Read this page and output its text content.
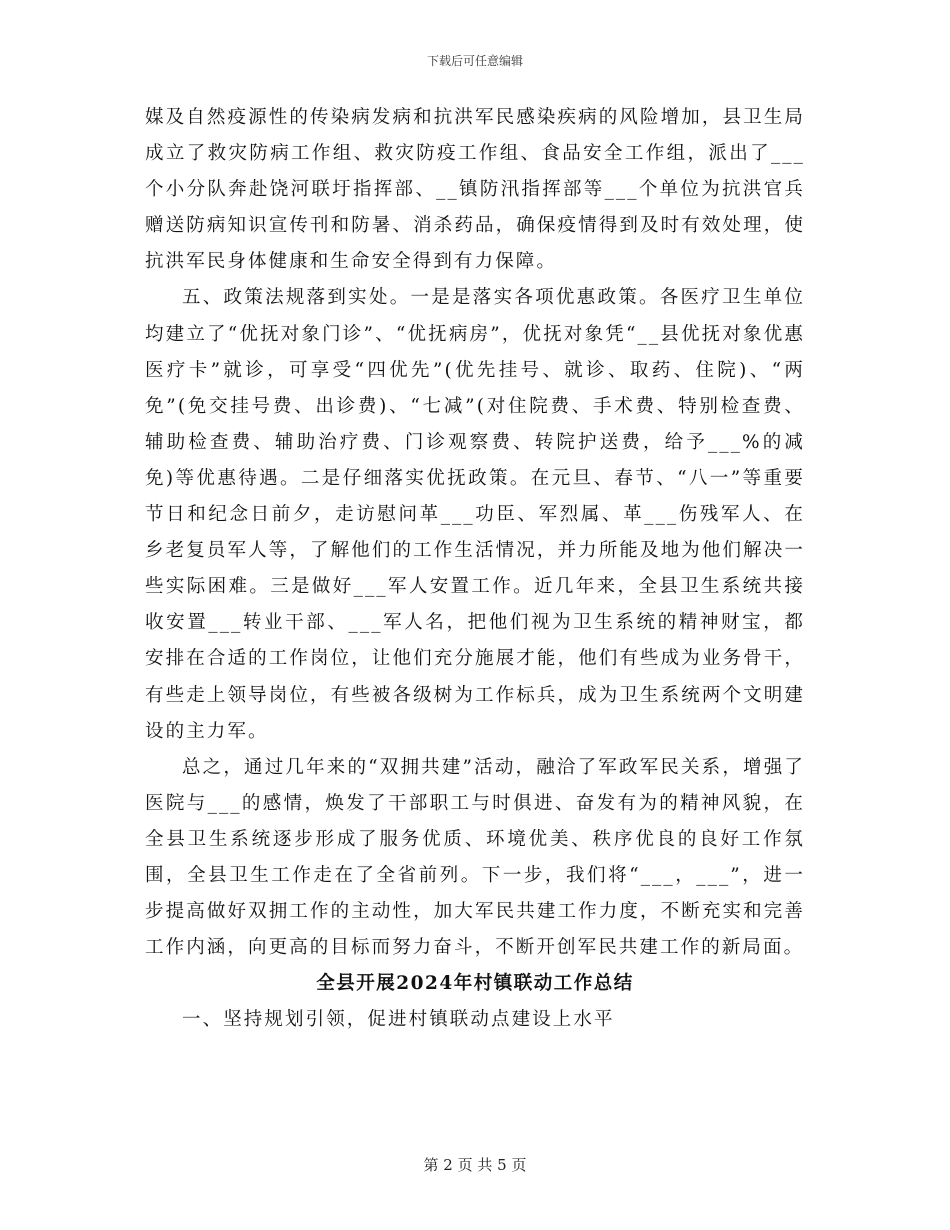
下载后可任意编辑

媒及自然疫源性的传染病发病和抗洪军民感染疾病的风险增加，县卫生局成立了救灾防病工作组、救灾防疫工作组、食品安全工作组，派出了___个小分队奔赴饶河联圩指挥部、__镇防汛指挥部等___个单位为抗洪官兵赠送防病知识宣传刊和防暑、消杀药品，确保疫情得到及时有效处理，使抗洪军民身体健康和生命安全得到有力保障。

五、政策法规落到实处。一是是落实各项优惠政策。各医疗卫生单位均建立了“优抚对象门诊”、“优抚病房”，优抚对象凭“__县优抚对象优惠医疗卡”就诊，可享受“四优先”(优先挂号、就诊、取药、住院)、“两免”(免交挂号费、出诊费)、“七减”(对住院费、手术费、特别检查费、辅助检查费、辅助治疗费、门诊观察费、转院护送费，给予___%的减免)等优惠待遇。二是仔细落实优抚政策。在元旦、春节、“八一”等重要节日和纪念日前夕，走访慰问革___功臣、军烈属、革___伤残军人、在乡老复员军人等，了解他们的工作生活情况，并力所能及地为他们解决一些实际困难。三是做好___军人安置工作。近几年来，全县卫生系统共接收安置___转业干部、___军人名，把他们视为卫生系统的精神财宝，都安排在合适的工作岗位，让他们充分施展才能，他们有些成为业务骨干，有些走上领导岗位，有些被各级树为工作标兵，成为卫生系统两个文明建设的主力军。

总之，通过几年来的“双拥共建”活动，融洽了军政军民关系，增强了医院与___的感情，焕发了干部职工与时俱进、奋发有为的精神风貌，在全县卫生系统逐步形成了服务优质、环境优美、秩序优良的良好工作氛围，全县卫生工作走在了全省前列。下一步，我们将“___，___”，进一步提高做好双拥工作的主动性，加大军民共建工作力度，不断充实和完善工作内涵，向更高的目标而努力奋斗，不断开创军民共建工作的新局面。

全县开展2024年村镇联动工作总结

一、坚持规划引领，促进村镇联动点建设上水平

第 2 页 共 5 页
